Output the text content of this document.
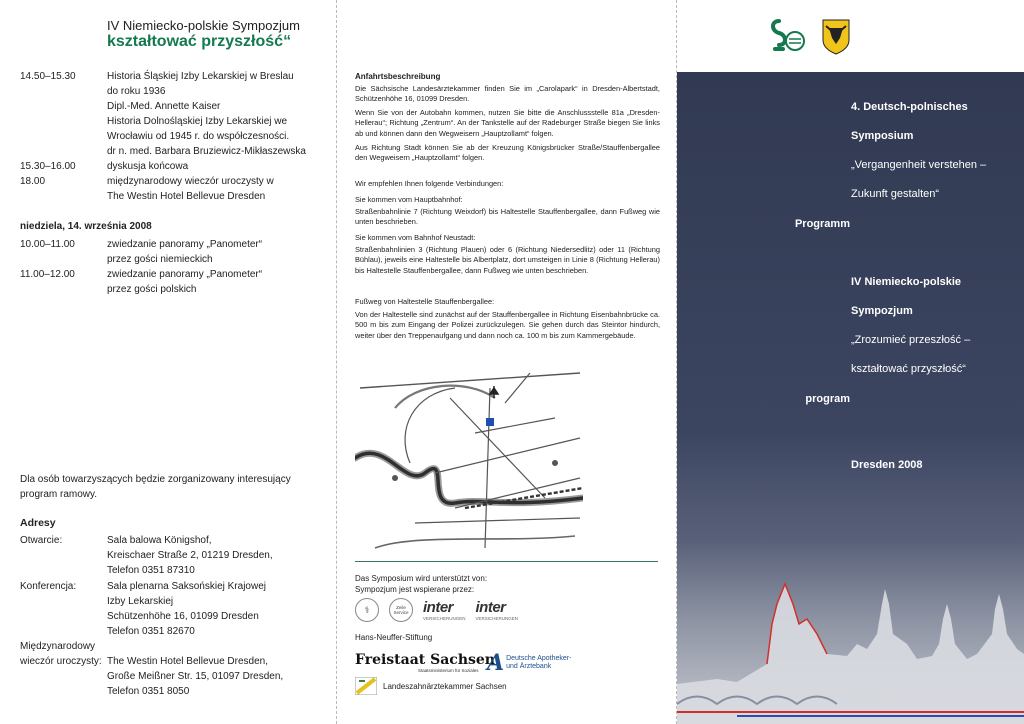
IV Niemiecko-polskie Sympozjum
kształtować przyszłość“
14.50–15.30	Historia Śląskiej Izby Lekarskiej w Breslau
do roku 1936
Dipl.-Med. Annette Kaiser
Historia Dolnośląskiej Izby Lekarskiej we
Wrocławiu od 1945 r. do współczesności.
dr n. med. Barbara Bruziewicz-Mikłaszewska
15.30–16.00	dyskusja końcowa
18.00	międzynarodowy wieczór uroczysty w
The Westin Hotel Bellevue Dresden
niedziela, 14. września 2008
10.00–11.00	zwiedzanie panoramy „Panometer“
przez gości niemieckich
11.00–12.00	zwiedzanie panoramy „Panometer“
przez gości polskich
Dla osób towarzyszących będzie zorganizowany interesujący program ramowy.
Adresy
Otwarcie:	Sala balowa Königshof,
Kreischaer Straße 2, 01219 Dresden,
Telefon 0351 87310
Konferencja:	Sala plenarna Saksońskiej Krajowej
Izby Lekarskiej
Schützenhöhe 16, 01099 Dresden
Telefon 0351 82670
Międzynarodowy
wieczór uroczysty: The Westin Hotel Bellevue Dresden,
Große Meißner Str. 15, 01097 Dresden,
Telefon 0351 8050
Anfahrtsbeschreibung
Die Sächsische Landesärztekammer finden Sie im „Carolapark“ in Dresden-Albertstadt, Schützenhöhe 16, 01099 Dresden.
Wenn Sie von der Autobahn kommen, nutzen Sie bitte die Anschlussstelle 81a „Dresden-Hellerau“; Richtung „Zentrum“. An der Tankstelle auf der Radeburger Straße biegen Sie links ab und können dann den Wegweisern „Hauptzollamt“ folgen.
Aus Richtung Stadt können Sie ab der Kreuzung Königsbrücker Straße/Stauffenbergallee den Wegweisern „Hauptzollamt“ folgen.
Wir empfehlen Ihnen folgende Verbindungen:
Sie kommen vom Hauptbahnhof:
Straßenbahnlinie 7 (Richtung Weixdorf) bis Haltestelle Stauffenbergallee, dann Fußweg wie unten beschrieben.
Sie kommen vom Bahnhof Neustadt:
Straßenbahnlinien 3 (Richtung Plauen) oder 6 (Richtung Niedersedlitz) oder 11 (Richtung Bühlau), jeweils eine Haltestelle bis Albertplatz, dort umsteigen in Linie 8 (Richtung Hellerau) bis Haltestelle Stauffenbergallee, dann Fußweg wie unten beschrieben.
Fußweg von Haltestelle Stauffenbergallee:
Von der Haltestelle sind zunächst auf der Stauffenbergallee in Richtung Eisenbahnbrücke ca. 500 m bis zum Eingang der Polizei zurückzulegen. Sie gehen durch das Steintor hindurch, weiter über den Treppenaufgang und dann noch ca. 100 m bis zum Kammergebäude.
Das Symposium wird unterstützt von:
Sympozjum jest wspierane przez:
⚕	Zeile Service inter
VERSICHERUNGEN
inter
VERSICHERUNGEN
Hans-Neuffer-Stiftung
Freistaat Sachsen
Staatsministerium für Soziales A Deutsche Apotheker-
und Ärztebank
Landeszahnärztekammer Sachsen
4. Deutsch-polnisches
Symposium
„Vergangenheit verstehen –
Zukunft gestalten“
Programm
IV Niemiecko-polskie
Sympozjum
„Zrozumieć przeszłość –
kształtować przyszłość“
program
Dresden 2008
